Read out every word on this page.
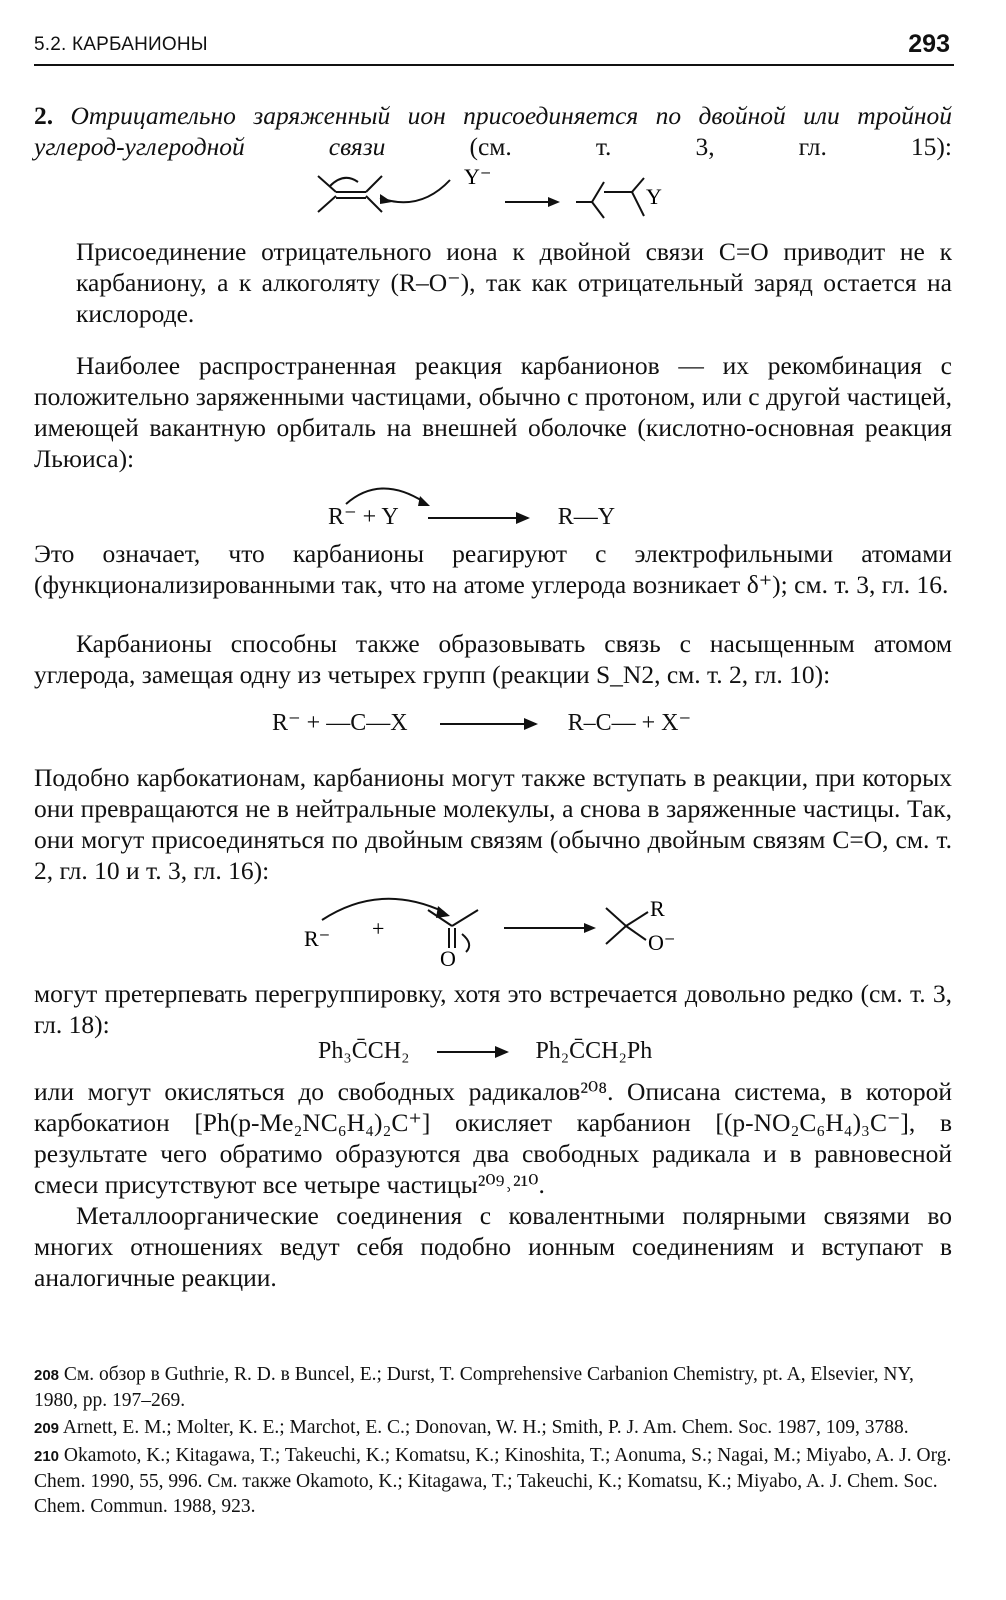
5.2. КАРБАНИОНЫ	293
2. Отрицательно заряженный ион присоединяется по двойной или тройной углерод-углеродной связи	(см. т. 3, гл. 15):
Y⁻
Y
Присоединение отрицательного иона к двойной связи C=O приводит не к карбаниону, а к алкоголяту (R–O⁻), так как отрицательный заряд остается на кислороде.
Наиболее распространенная реакция карбанионов — их рекомбинация с положительно заряженными частицами, обычно с протоном, или с другой частицей, имеющей вакантную орбиталь на внешней оболочке (кислотно-основная реакция Льюиса):
R⁻ + Y	R—Y
Это означает, что карбанионы реагируют с электрофильными атомами (функционализированными так, что на атоме углерода возникает δ⁺); см. т. 3, гл. 16.
Карбанионы способны также образовывать связь с насыщенным атомом углерода, замещая одну из четырех групп (реакции S_N2, см. т. 2, гл. 10):
R⁻ + —C—X	R–C— + X⁻
Подобно карбокатионам, карбанионы могут также вступать в реакции, при которых они превращаются не в нейтральные молекулы, а снова в заряженные частицы. Так, они могут присоединяться по двойным связям (обычно двойным связям C=O, см. т. 2, гл. 10 и т. 3, гл. 16):
R⁻ +
O
R
O⁻
могут претерпевать перегруппировку, хотя это встречается довольно редко (см. т. 3, гл. 18):
Ph₃C̄CH₂	Ph₂C̄CH₂Ph
или могут окисляться до свободных радикалов²⁰⁸. Описана система, в которой карбокатион [Ph(p-Me₂NC₆H₄)₂C⁺] окисляет карбанион [(p-NO₂C₆H₄)₃C⁻], в результате чего обратимо образуются два свободных радикала и в равновесной смеси присутствуют все четыре частицы²⁰⁹˒²¹⁰.
Металлоорганические соединения с ковалентными полярными связями во многих отношениях ведут себя подобно ионным соединениям и вступают в аналогичные реакции.
208 См. обзор в Guthrie, R. D. в Buncel, E.; Durst, T. Comprehensive Carbanion Chemistry, pt. A, Elsevier, NY, 1980, pp. 197–269.
209 Arnett, E. M.; Molter, K. E.; Marchot, E. C.; Donovan, W. H.; Smith, P. J. Am. Chem. Soc. 1987, 109, 3788.
210 Okamoto, K.; Kitagawa, T.; Takeuchi, K.; Komatsu, K.; Kinoshita, T.; Aonuma, S.; Nagai, M.; Miyabo, A. J. Org. Chem. 1990, 55, 996. См. также Okamoto, K.; Kitagawa, T.; Takeuchi, K.; Komatsu, K.; Miyabo, A. J. Chem. Soc. Chem. Commun. 1988, 923.
